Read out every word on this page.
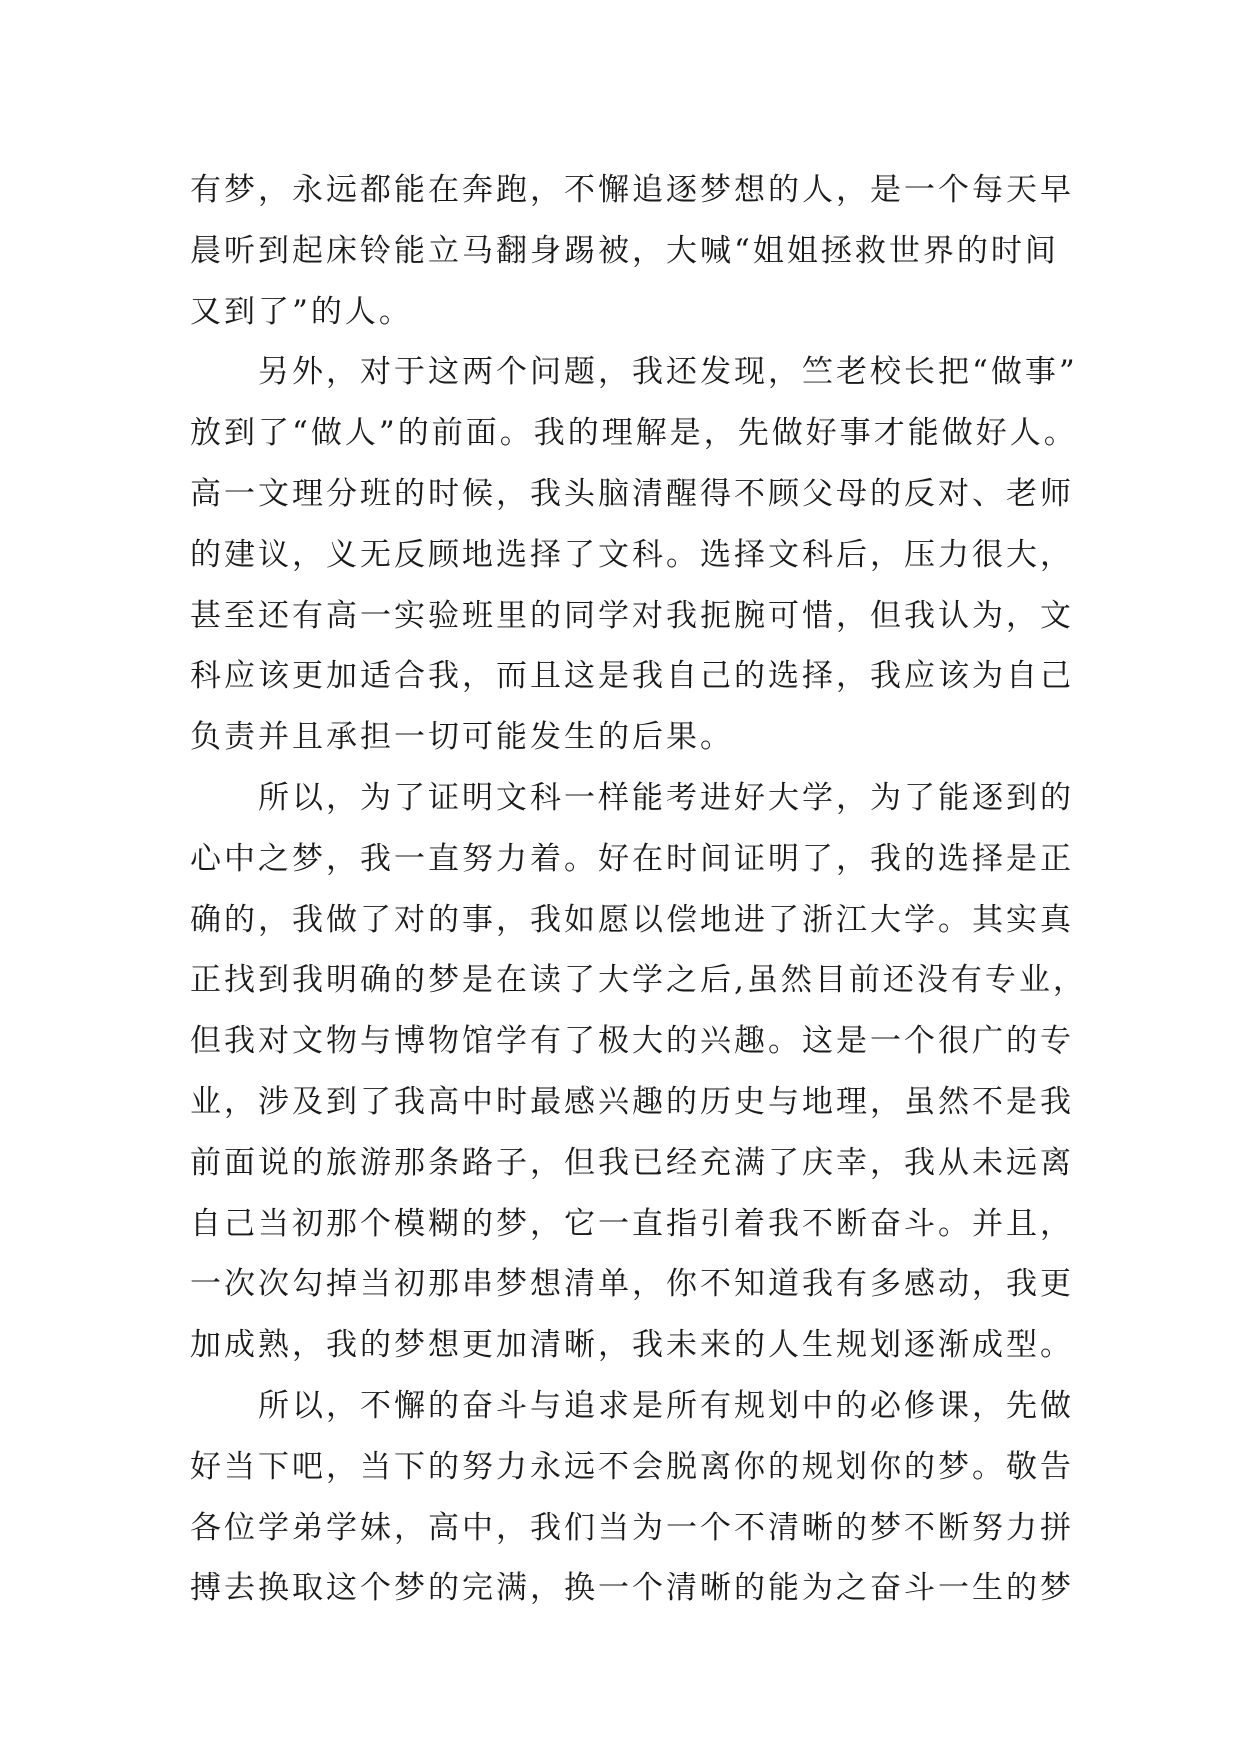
有梦，永远都能在奔跑，不懈追逐梦想的人，是一个每天早
晨听到起床铃能立马翻身踢被，大喊“姐姐拯救世界的时间
又到了”的人。
另外，对于这两个问题，我还发现，竺老校长把“做事”
放到了“做人”的前面。我的理解是，先做好事才能做好人。
高一文理分班的时候，我头脑清醒得不顾父母的反对、老师
的建议，义无反顾地选择了文科。选择文科后，压力很大，
甚至还有高一实验班里的同学对我扼腕可惜，但我认为，文
科应该更加适合我，而且这是我自己的选择，我应该为自己
负责并且承担一切可能发生的后果。
所以，为了证明文科一样能考进好大学，为了能逐到的
心中之梦，我一直努力着。好在时间证明了，我的选择是正
确的，我做了对的事，我如愿以偿地进了浙江大学。其实真
正找到我明确的梦是在读了大学之后,虽然目前还没有专业，
但我对文物与博物馆学有了极大的兴趣。这是一个很广的专
业，涉及到了我高中时最感兴趣的历史与地理，虽然不是我
前面说的旅游那条路子，但我已经充满了庆幸，我从未远离
自己当初那个模糊的梦，它一直指引着我不断奋斗。并且，
一次次勾掉当初那串梦想清单，你不知道我有多感动，我更
加成熟，我的梦想更加清晰，我未来的人生规划逐渐成型。
所以，不懈的奋斗与追求是所有规划中的必修课，先做
好当下吧，当下的努力永远不会脱离你的规划你的梦。敬告
各位学弟学妹，高中，我们当为一个不清晰的梦不断努力拼
搏去换取这个梦的完满，换一个清晰的能为之奋斗一生的梦
